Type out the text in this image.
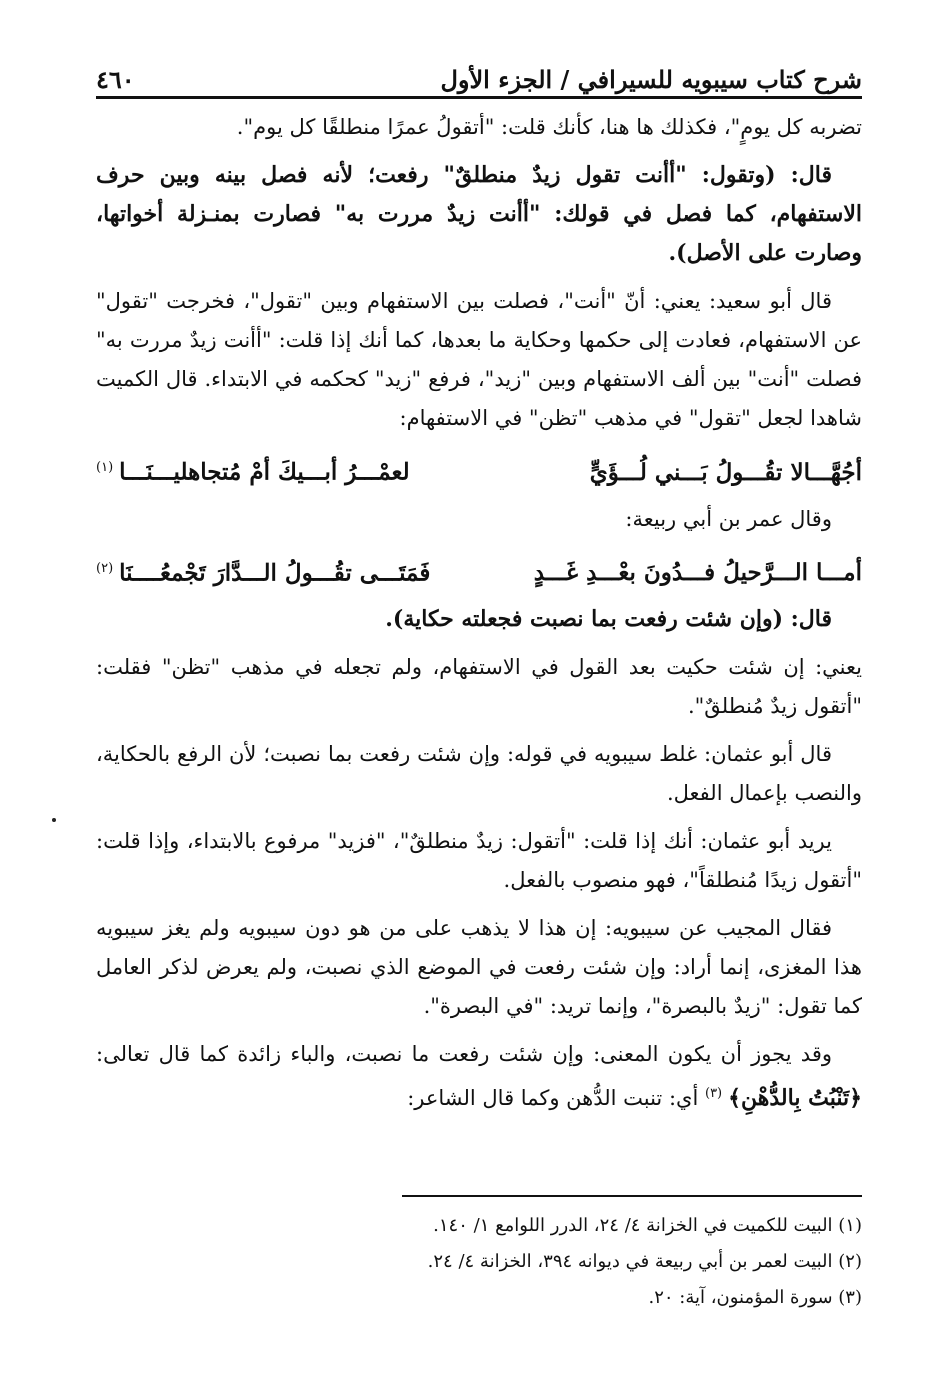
شرح كتاب سيبويه للسيرافي / الجزء الأول
٤٦٠

تضربه كل يومٍ"، فكذلك ها هنا، كأنك قلت: "أتقولُ عمرًا منطلقًا كل يوم".

قال: (وتقول: "أأنت تقول زيدٌ منطلقٌ" رفعت؛ لأنه فصل بينه وبين حرف الاستفهام، كما فصل في قولك: "أأنت زيدٌ مررت به" فصارت بمنـزلة أخواتها، وصارت على الأصل).

قال أبو سعيد: يعني: أنّ "أنت"، فصلت بين الاستفهام وبين "تقول"، فخرجت "تقول" عن الاستفهام، فعادت إلى حكمها وحكاية ما بعدها، كما أنك إذا قلت: "أأنت زيدٌ مررت به" فصلت "أنت" بين ألف الاستفهام وبين "زيد"، فرفع "زيد" كحكمه في الابتداء. قال الكميت شاهدا لجعل "تقول" في مذهب "تظن" في الاستفهام:

أجُهَّـــالا تقُـــولُ بَـــني لُـــؤَيٍّ
لعمْـــرُ أبـــيكَ أمْ مُتجاهليـــنَـــا$^{(١)}$

وقال عمر بن أبي ربيعة:

أمـــا الـــرَّحيلُ فـــدُونَ بعْـــدِ غَـــدٍ
فَمَتَـــى تقُـــولُ الـــدَّارَ تَجْمعُــــنَا$^{(٢)}$

قال: (وإن شئت رفعت بما نصبت فجعلته حكاية).

يعني: إن شئت حكيت بعد القول في الاستفهام، ولم تجعله في مذهب "تظن" فقلت: "أتقول زيدٌ مُنطلقٌ".

قال أبو عثمان: غلط سيبويه في قوله: وإن شئت رفعت بما نصبت؛ لأن الرفع بالحكاية، والنصب بإعمال الفعل.

يريد أبو عثمان: أنك إذا قلت: "أتقول: زيدٌ منطلقٌ"، "فزيد" مرفوع بالابتداء، وإذا قلت: "أتقول زيدًا مُنطلقاً"، فهو منصوب بالفعل.

فقال المجيب عن سيبويه: إن هذا لا يذهب على من هو دون سيبويه ولم يغز سيبويه هذا المغزى، إنما أراد: وإن شئت رفعت في الموضع الذي نصبت، ولم يعرض لذكر العامل كما تقول: "زيدٌ بالبصرة"، وإنما تريد: "في البصرة".

وقد يجوز أن يكون المعنى: وإن شئت رفعت ما نصبت، والباء زائدة كما قال تعالى: ﴿تَنْبُتُ بِالدُّهْنِ﴾$^{(٣)}$ أي: تنبت الدُّهن وكما قال الشاعر:

(١) البيت للكميت في الخزانة ٤/ ٢٤، الدرر اللوامع ١/ ١٤٠.

(٢) البيت لعمر بن أبي ربيعة في ديوانه ٣٩٤، الخزانة ٤/ ٢٤.

(٣) سورة المؤمنون، آية: ٢٠.
